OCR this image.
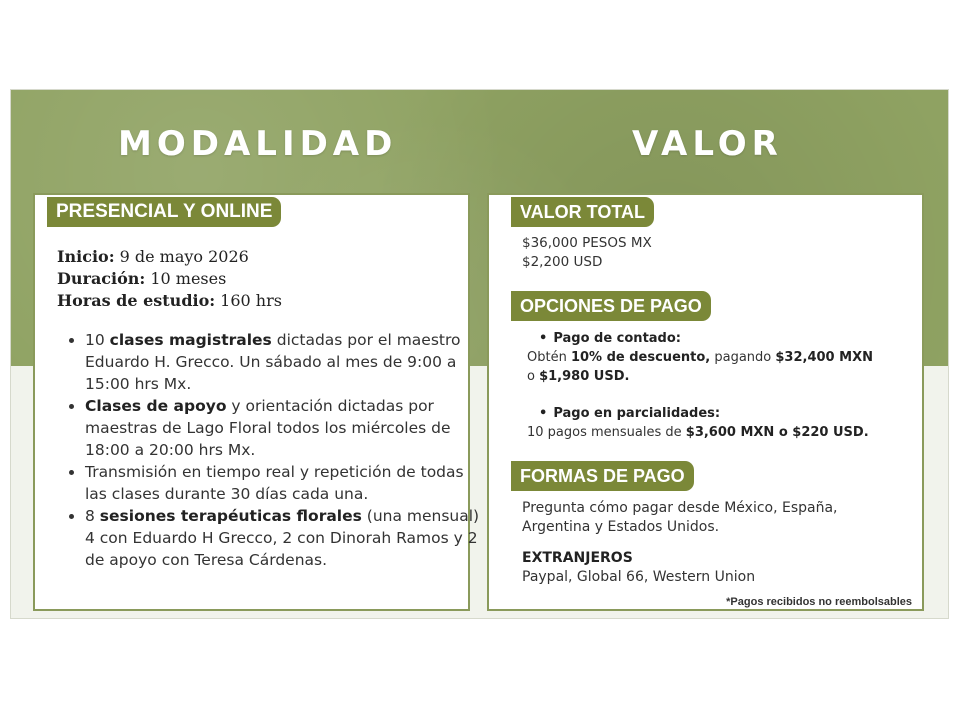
MODALIDAD	VALOR
PRESENCIAL Y ONLINE
Inicio: 9 de mayo 2026
Duración: 10 meses
Horas de estudio: 160 hrs
• 10 clases magistrales dictadas por el maestro Eduardo H. Grecco. Un sábado al mes de 9:00 a 15:00 hrs Mx.
• Clases de apoyo y orientación dictadas por maestras de Lago Floral todos los miércoles de 18:00 a 20:00 hrs Mx.
• Transmisión en tiempo real y repetición de todas las clases durante 30 días cada una.
• 8 sesiones terapéuticas florales (una mensual) 4 con Eduardo H Grecco, 2 con Dinorah Ramos y 2 de apoyo con Teresa Cárdenas.
VALOR TOTAL
$36,000 PESOS MX
$2,200 USD
OPCIONES DE PAGO
• Pago de contado:
Obtén 10% de descuento, pagando $32,400 MXN
o $1,980 USD.
• Pago en parcialidades:
10 pagos mensuales de $3,600 MXN o $220 USD.
FORMAS DE PAGO
Pregunta cómo pagar desde México, España,
Argentina y Estados Unidos.
EXTRANJEROS
Paypal, Global 66, Western Union
*Pagos recibidos no reembolsables
